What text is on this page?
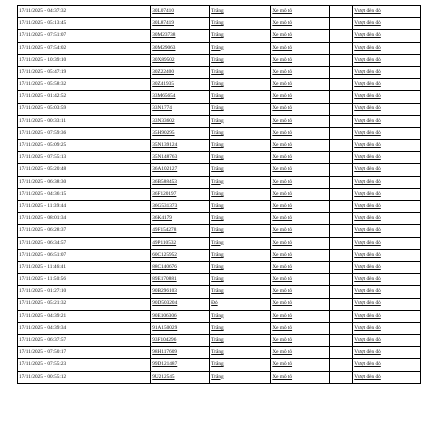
17/11/2025 - 04:37:32	30L07410	Trắng	Xe mô tô		Vượt đèn đỏ
17/11/2025 - 05:13:45	30L87419	Trắng	Xe mô tô		Vượt đèn đỏ
17/11/2025 - 07:51:07	30M23738	Trắng	Xe mô tô		Vượt đèn đỏ
17/11/2025 - 07:54:02	30M29063	Trắng	Xe mô tô		Vượt đèn đỏ
17/11/2025 - 10:39:10	30X89502	Trắng	Xe mô tô		Vượt đèn đỏ
17/11/2025 - 05:47:19	30Z22400	Trắng	Xe mô tô		Vượt đèn đỏ
17/11/2025 - 05:58:32	30Z41935	Trắng	Xe mô tô		Vượt đèn đỏ
17/11/2025 - 01:42:52	33M65654	Trắng	Xe mô tô		Vượt đèn đỏ
17/11/2025 - 05:03:59	33N1774	Trắng	Xe mô tô		Vượt đèn đỏ
17/11/2025 - 00:33:11	33N33602	Trắng	Xe mô tô		Vượt đèn đỏ
17/11/2025 - 07:59:36	35H90295	Trắng	Xe mô tô		Vượt đèn đỏ
17/11/2025 - 05:09:25	35N139124	Trắng	Xe mô tô		Vượt đèn đỏ
17/11/2025 - 07:55:13	35N148763	Trắng	Xe mô tô		Vượt đèn đỏ
17/11/2025 - 05:20:48	36A102127	Trắng	Xe mô tô		Vượt đèn đỏ
17/11/2025 - 06:38:30	36B588453	Trắng	Xe mô tô		Vượt đèn đỏ
17/11/2025 - 04:36:15	36F120197	Trắng	Xe mô tô		Vượt đèn đỏ
17/11/2025 - 11:39:44	36G531373	Trắng	Xe mô tô		Vượt đèn đỏ
17/11/2025 - 08:01:34	36K4179	Trắng	Xe mô tô		Vượt đèn đỏ
17/11/2025 - 06:28:37	49F154278	Trắng	Xe mô tô		Vượt đèn đỏ
17/11/2025 - 06:34:57	49P110532	Trắng	Xe mô tô		Vượt đèn đỏ
17/11/2025 - 06:51:07	60C125952	Trắng	Xe mô tô		Vượt đèn đỏ
17/11/2025 - 11:46:41	88C140676	Trắng	Xe mô tô		Vượt đèn đỏ
17/11/2025 - 11:50:56	89E170881	Trắng	Xe mô tô		Vượt đèn đỏ
17/11/2025 - 01:27:10	90B296103	Trắng	Xe mô tô		Vượt đèn đỏ
17/11/2025 - 05:21:32	90D503204	Đỏ	Xe mô tô		Vượt đèn đỏ
17/11/2025 - 04:39:21	90E106306	Trắng	Xe mô tô		Vượt đèn đỏ
17/11/2025 - 04:39:34	91A150029	Trắng	Xe mô tô		Vượt đèn đỏ
17/11/2025 - 06:37:57	93F104296	Trắng	Xe mô tô		Vượt đèn đỏ
17/11/2025 - 07:50:17	98H117609	Trắng	Xe mô tô		Vượt đèn đỏ
17/11/2025 - 07:55:23	99D121487	Trắng	Xe mô tô		Vượt đèn đỏ
17/11/2025 - 00:55:12	9U212545	Trắng	Xe mô tô		Vượt đèn đỏ
